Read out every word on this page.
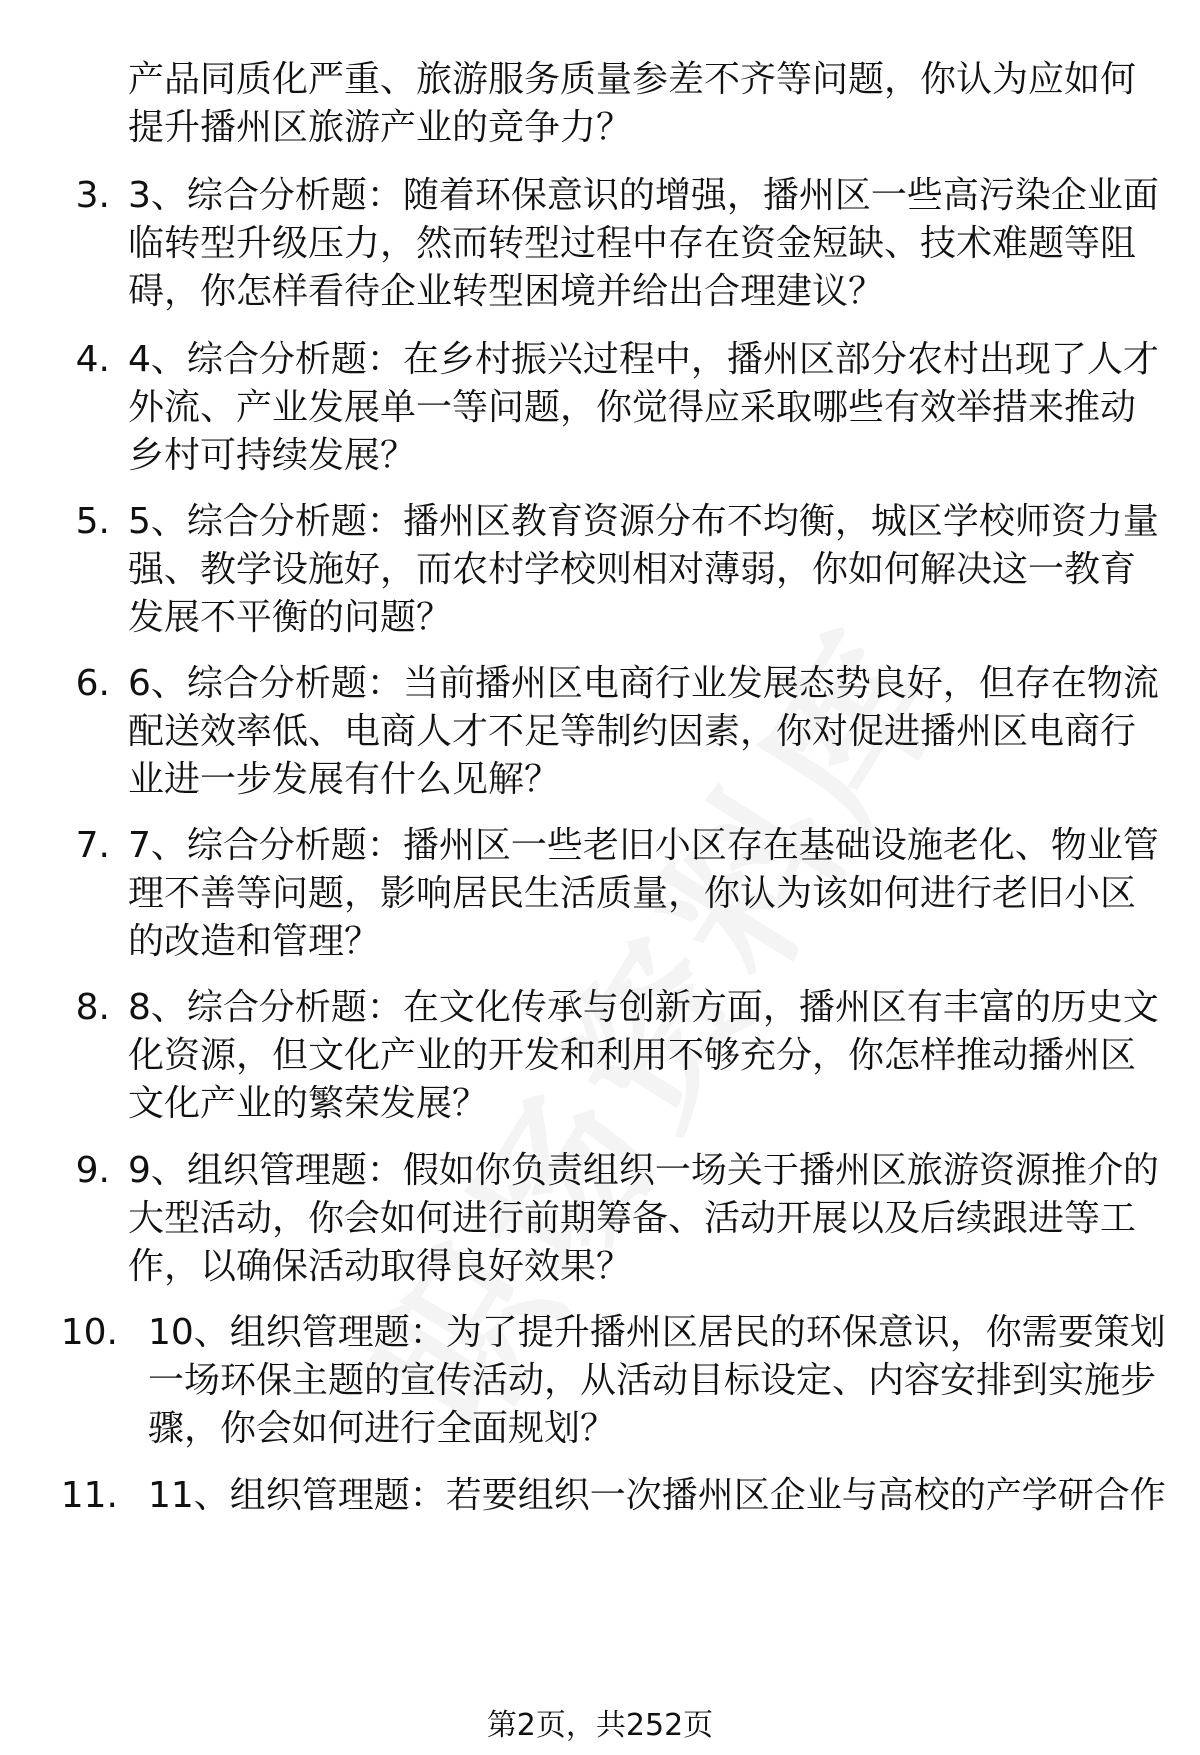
产品同质化严重、旅游服务质量参差不齐等问题，你认为应如何提升播州区旅游产业的竞争力？

3. 3、综合分析题：随着环保意识的增强，播州区一些高污染企业面临转型升级压力，然而转型过程中存在资金短缺、技术难题等阻碍，你怎样看待企业转型困境并给出合理建议？

4. 4、综合分析题：在乡村振兴过程中，播州区部分农村出现了人才外流、产业发展单一等问题，你觉得应采取哪些有效举措来推动乡村可持续发展？

5. 5、综合分析题：播州区教育资源分布不均衡，城区学校师资力量强、教学设施好，而农村学校则相对薄弱，你如何解决这一教育发展不平衡的问题？

6. 6、综合分析题：当前播州区电商行业发展态势良好，但存在物流配送效率低、电商人才不足等制约因素，你对促进播州区电商行业进一步发展有什么见解？

7. 7、综合分析题：播州区一些老旧小区存在基础设施老化、物业管理不善等问题，影响居民生活质量，你认为该如何进行老旧小区的改造和管理？

8. 8、综合分析题：在文化传承与创新方面，播州区有丰富的历史文化资源，但文化产业的开发和利用不够充分，你怎样推动播州区文化产业的繁荣发展？

9. 9、组织管理题：假如你负责组织一场关于播州区旅游资源推介的大型活动，你会如何进行前期筹备、活动开展以及后续跟进等工作，以确保活动取得良好效果？

10. 10、组织管理题：为了提升播州区居民的环保意识，你需要策划一场环保主题的宣传活动，从活动目标设定、内容安排到实施步骤，你会如何进行全面规划？

11. 11、组织管理题：若要组织一次播州区企业与高校的产学研合作

第2页，共252页
